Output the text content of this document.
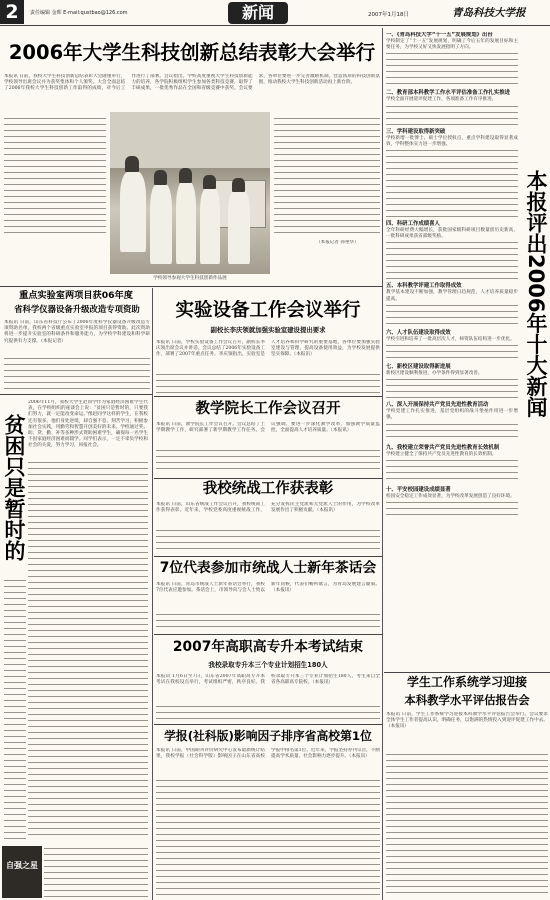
2	责任编辑 金晖 E-mail:qustbao@126.com	新闻	2007年1月18日	青岛科技大学报
2006年大学生科技创新总结表彰大会举行
本报讯 日前，我校大学生科技创新总结表彰大会隆重举行，学校领导出席会议并为获奖集体和个人颁奖。大会全面总结了2006年我校大学生科技创新工作取得的成绩，对今后工作进行了部署。会议指出，学校高度重视大学生科技创新能力的培养，各学院积极组织学生参加各类科技竞赛，取得了丰硕成果，一批优秀作品在全国和省级竞赛中获奖。会议要求，各单位要进一步完善激励机制，营造浓厚的科技创新氛围，推动我校大学生科技创新活动再上新台阶。
学校领导参观大学生科技创新作品展
（本报记者 孙艳华）
重点实验室两项目获06年度
省科学仪器设备升级改造专项资助
本报讯 日前，山东省科技厅公布了2006年度科学仪器设备升级改造专项资助名单，我校两个省级重点实验室申报的项目获得资助。此次资助将进一步提升实验室的科研条件和服务能力，为学校学科建设和科学研究提供有力支撑。（本报记者）
贫困只是暂时的
2006年11月，我校大学生赵同学作为家庭经济困难学生代表，在学校组织的座谈会上说：“贫困只是暂时的，只要我们努力，就一定能改变命运。”像赵同学这样的学生，在我校还有很多。他们身处逆境，却自强不息，刻苦学习，积极参加社会实践，用勤劳和智慧开创美好的未来。学校通过奖、助、贷、勤、补等多种形式资助困难学生，确保每一名学生不因家庭经济困难而辍学。同学们表示，一定不辜负学校和社会的关爱，努力学习，回报社会。
自强之星
实验设备工作会议举行
副校长李庆领就加强实验室建设提出要求
本报讯 日前，学校实验设备工作会议召开，副校长李庆领出席会议并讲话。会议总结了2006年实验设备工作，部署了2007年重点任务。李庆领指出，实验室是人才培养和科学研究的重要基地，各单位要加强实验室建设与管理，提高设备使用效益，为学校发展提供坚实保障。（本报讯）
教学院长工作会议召开
本报讯 日前，教学院长工作会议召开。会议总结了上学期教学工作，研究部署了新学期教学工作任务。会议强调，要进一步深化教学改革，加强教学质量监控，全面提高人才培养质量。（本报讯）
我校统战工作获表彰
本报讯 日前，山东省统战工作会议召开，我校统战工作获得表彰。近年来，学校党委高度重视统战工作，充分发挥民主党派和无党派人士的作用，为学校改革发展作出了积极贡献。（本报讯）
7位代表参加市统战人士新年茶话会
本报讯 日前，青岛市统战人士新年茶话会举行，我校7位代表应邀参加。茶话会上，市领导向与会人士致以新年问候，代表们畅所欲言，为青岛发展建言献策。（本报讯）
2007年高职高专升本考试结束
我校录取专升本三个专业计划招生180人
本报讯 1月6日至7日，山东省2007年高职高专升本考试在我校设点举行，考试组织严密，秩序良好。我校录取专升本三个专业计划招生180人，考生来自全省各高职高专院校。（本报讯）
学报(社科版)影响因子排序省高校第1位
本报讯 日前，中国期刊评价研究中心发布最新统计结果，我校学报（社会科学版）影响因子在山东省高校学报中排名第1位。近年来，学报坚持办刊宗旨，不断提高学术质量，社会影响力逐步提升。（本报讯）
本报评出2006年十大新闻
一、《青岛科技大学“十一五”发展规划》出台
学校制定了“十一五”发展规划，明确了今后五年的发展目标和主要任务，为学校又好又快发展指明了方向。
二、教育部本科教学工作水平评估准备工作扎实推进
学校全面开展迎评促建工作，各项准备工作有序推进。
三、学科建设取得新突破
学校新增一批博士、硕士学位授权点，重点学科建设取得显著成效，学科整体实力进一步增强。
四、科研工作成绩喜人
全年科研经费大幅增长，获批国家级科研项目数量创历史新高，一批科研成果获省部级奖励。
五、本科教学评建工作取得成效
教学基本建设不断加强，教学管理日趋规范，人才培养质量稳步提高。
六、人才队伍建设取得成效
学校引进和培养了一批高层次人才，师资队伍结构进一步优化。
七、新校区建设取得新进展
新校区建设顺利推进，办学条件得到显著改善。
八、深入开展保持共产党员先进性教育活动
学校党建工作扎实推进，基层党组织的战斗堡垒作用进一步增强。
九、我校建立荣誉共产党员先进性教育长效机制
学校建立健全了保持共产党员先进性教育的长效机制。
十、平安校园建设成绩显著
校园安全稳定工作成效显著，为学校改革发展创造了良好环境。
学生工作系统学习迎接
本科教学水平评估报告会
本报讯 日前，学生工作系统学习迎接本科教学水平评估报告会举行。会议要求全体学生工作者提高认识，明确任务，以饱满的热情投入到迎评促建工作中去。（本报讯）
